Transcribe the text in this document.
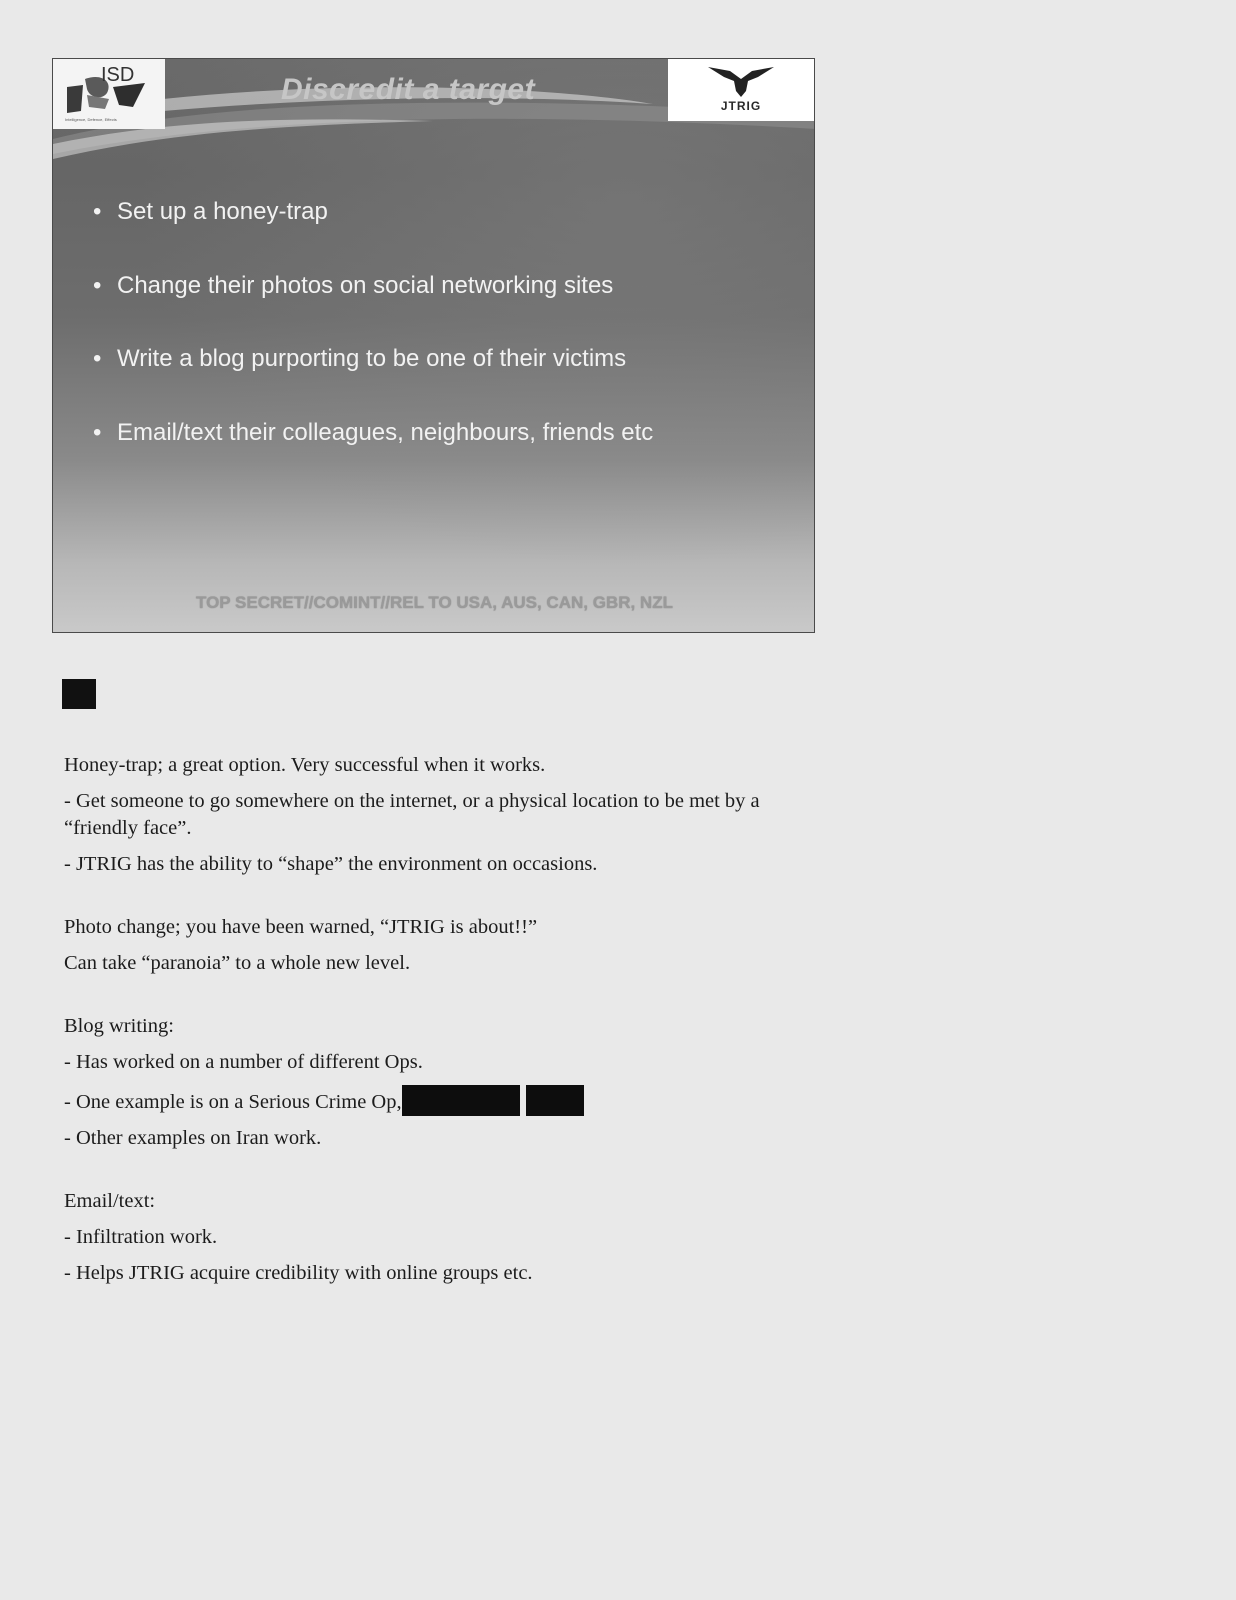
ISD
Intelligence, Defence, Effects
Discredit a target	JTRIG
• Set up a honey-trap
• Change their photos on social networking sites
• Write a blog purporting to be one of their victims
• Email/text their colleagues, neighbours, friends etc
TOP SECRET//COMINT//REL TO USA, AUS, CAN, GBR, NZL

Honey-trap; a great option. Very successful when it works.

- Get someone to go somewhere on the internet, or a physical location to be met by a “friendly face”.

- JTRIG has the ability to “shape” the environment on occasions.

Photo change; you have been warned, “JTRIG is about!!”

Can take “paranoia” to a whole new level.

Blog writing:

- Has worked on a number of different Ops.

- One example is on a Serious Crime Op,

- Other examples on Iran work.

Email/text:

- Infiltration work.

- Helps JTRIG acquire credibility with online groups etc.
